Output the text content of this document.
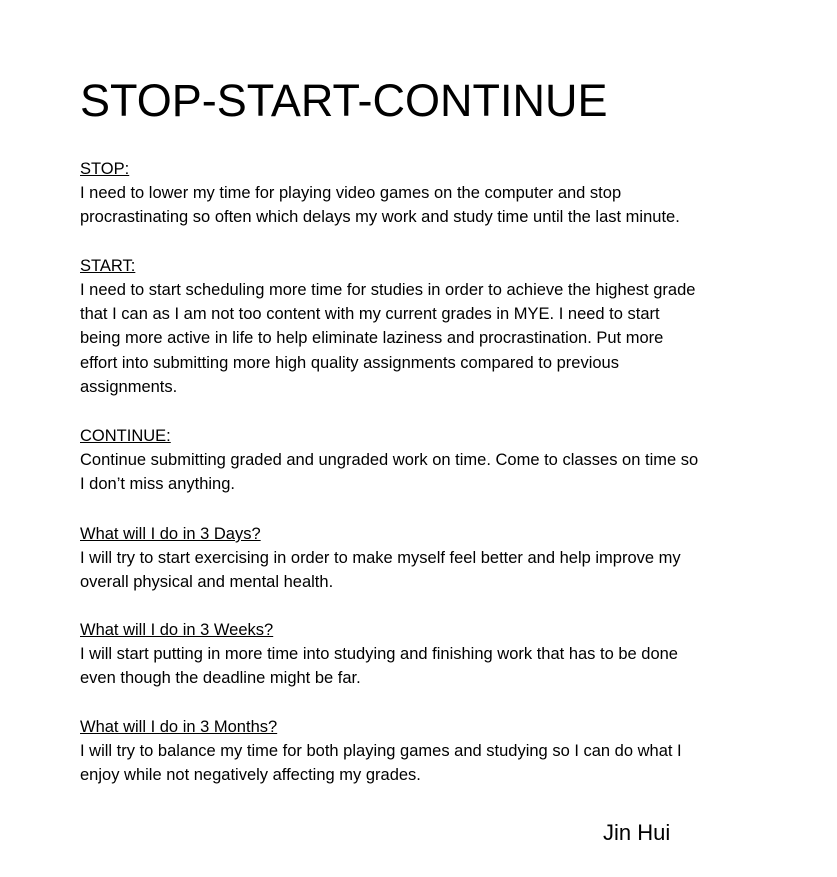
STOP-START-CONTINUE

STOP:

I need to lower my time for playing video games on the computer and stop

procrastinating so often which delays my work and study time until the last minute.

START:

I need to start scheduling more time for studies in order to achieve the highest grade

that I can as I am not too content with my current grades in MYE. I need to start

being more active in life to help eliminate laziness and procrastination. Put more

effort into submitting more high quality assignments compared to previous

assignments.

CONTINUE:

Continue submitting graded and ungraded work on time. Come to classes on time so

I don’t miss anything.

What will I do in 3 Days?

I will try to start exercising in order to make myself feel better and help improve my

overall physical and mental health.

What will I do in 3 Weeks?

I will start putting in more time into studying and finishing work that has to be done

even though the deadline might be far.

What will I do in 3 Months?

I will try to balance my time for both playing games and studying so I can do what I

enjoy while not negatively affecting my grades.

Jin Hui
